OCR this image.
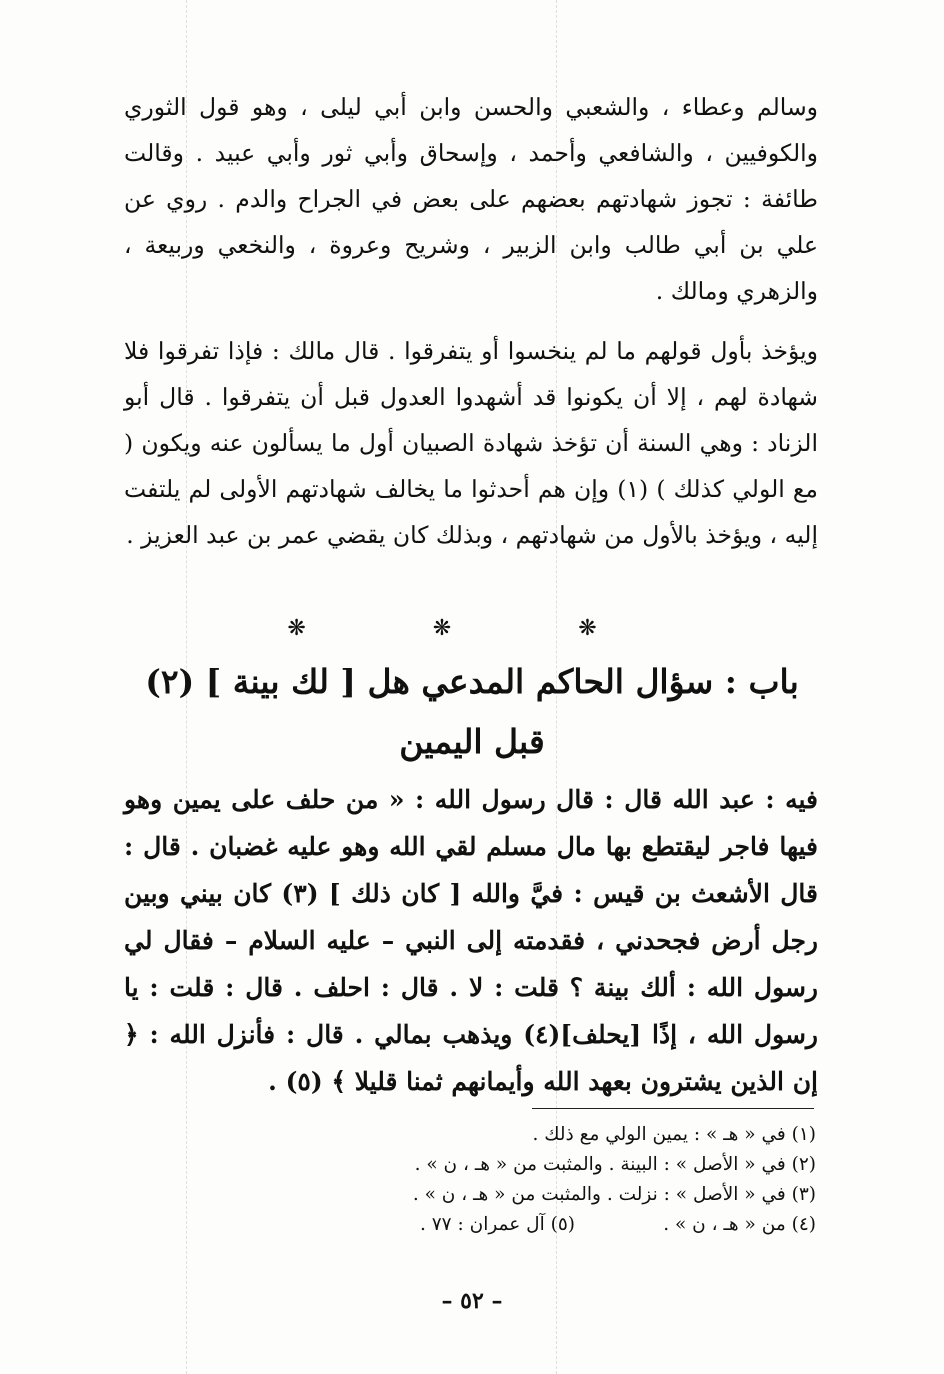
وسالم وعطاء ، والشعبي والحسن وابن أبي ليلى ، وهو قول الثوري والكوفيين ، والشافعي وأحمد ، وإسحاق وأبي ثور وأبي عبيد . وقالت طائفة : تجوز شهادتهم بعضهم على بعض في الجراح والدم . روي عن علي بن أبي طالب وابن الزبير ، وشريح وعروة ، والنخعي وربيعة ، والزهري ومالك .

ويؤخذ بأول قولهم ما لم ينخسوا أو يتفرقوا . قال مالك : فإذا تفرقوا فلا شهادة لهم ، إلا أن يكونوا قد أشهدوا العدول قبل أن يتفرقوا . قال أبو الزناد : وهي السنة أن تؤخذ شهادة الصبيان أول ما يسألون عنه ويكون ( مع الولي كذلك ) (١) وإن هم أحدثوا ما يخالف شهادتهم الأولى لم يلتفت إليه ، ويؤخذ بالأول من شهادتهم ، وبذلك كان يقضي عمر بن عبد العزيز .

❋ ❋ ❋
باب : سؤال الحاكم المدعي هل [ لك بينة ] (٢)
قبل اليمين

فيه : عبد الله قال : قال رسول الله : « من حلف على يمين وهو فيها فاجر ليقتطع بها مال مسلم لقي الله وهو عليه غضبان . قال : قال الأشعث بن قيس : فيَّ والله [ كان ذلك ] (٣) كان بيني وبين رجل أرض فجحدني ، فقدمته إلى النبي – عليه السلام – فقال لي رسول الله : ألك بينة ؟ قلت : لا . قال : احلف . قال : قلت : يا رسول الله ، إذًا [يحلف](٤) ويذهب بمالي . قال : فأنزل الله : ﴿ إن الذين يشترون بعهد الله وأيمانهم ثمنا قليلا ﴾ (٥) .

(١) في « هـ » : يمين الولي مع ذلك .
(٢) في « الأصل » : البينة . والمثبت من « هـ ، ن » .
(٣) في « الأصل » : نزلت . والمثبت من « هـ ، ن » .
(٤) من « هـ ، ن » .               (٥) آل عمران : ٧٧ .
– ٥٢ –
